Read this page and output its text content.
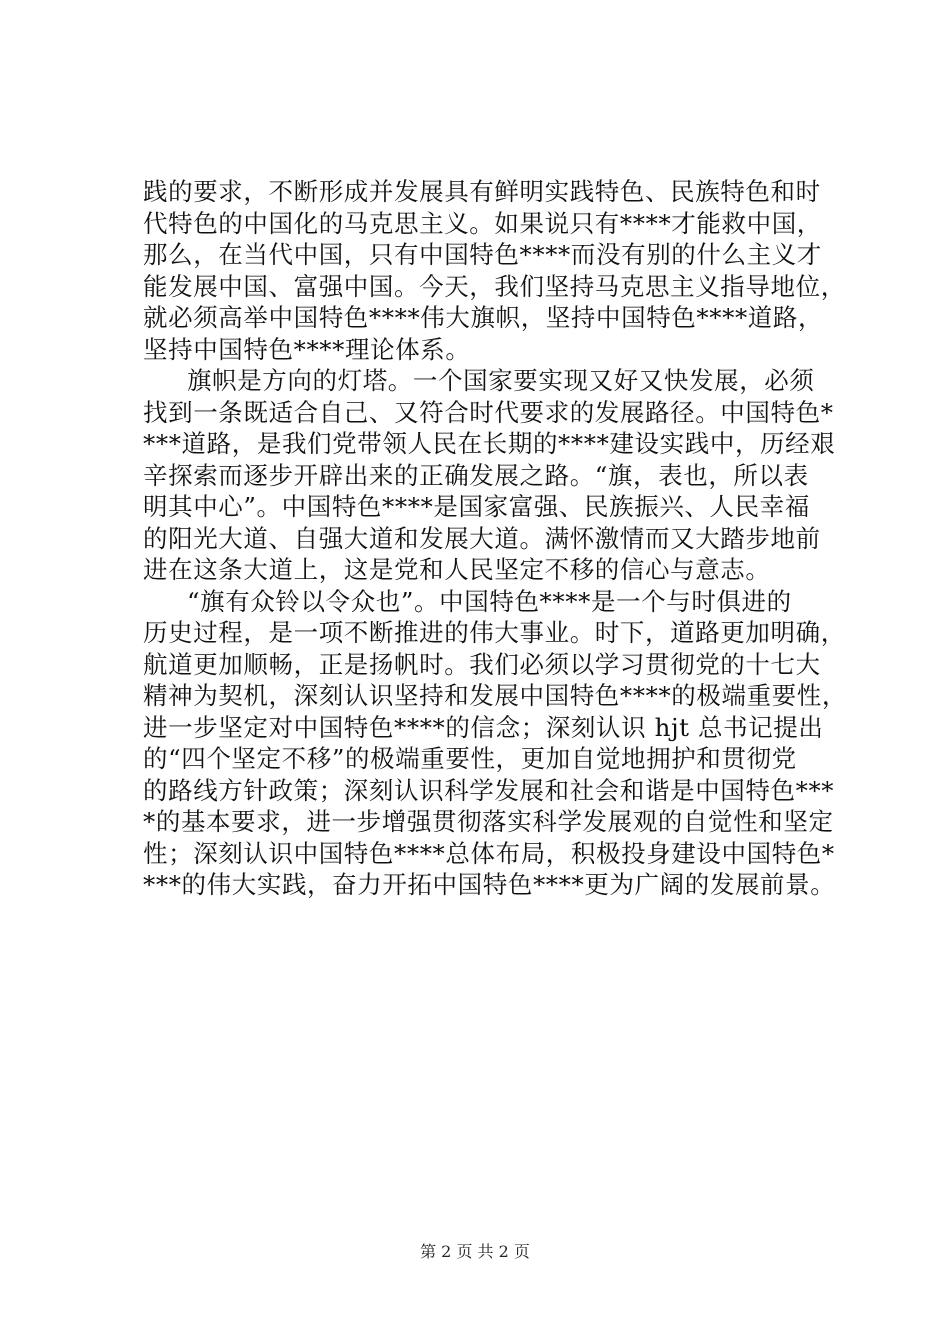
践的要求，不断形成并发展具有鲜明实践特色、民族特色和时
代特色的中国化的马克思主义。如果说只有****才能救中国，
那么，在当代中国，只有中国特色****而没有别的什么主义才
能发展中国、富强中国。今天，我们坚持马克思主义指导地位，
就必须高举中国特色****伟大旗帜，坚持中国特色****道路，
坚持中国特色****理论体系。
旗帜是方向的灯塔。一个国家要实现又好又快发展，必须
找到一条既适合自己、又符合时代要求的发展路径。中国特色*
***道路，是我们党带领人民在长期的****建设实践中，历经艰
辛探索而逐步开辟出来的正确发展之路。“旗，表也，所以表
明其中心”。中国特色****是国家富强、民族振兴、人民幸福
的阳光大道、自强大道和发展大道。满怀激情而又大踏步地前
进在这条大道上，这是党和人民坚定不移的信心与意志。
“旗有众铃以令众也”。中国特色****是一个与时俱进的
历史过程，是一项不断推进的伟大事业。时下，道路更加明确，
航道更加顺畅，正是扬帆时。我们必须以学习贯彻党的十七大
精神为契机，深刻认识坚持和发展中国特色****的极端重要性，
进一步坚定对中国特色****的信念；深刻认识 hjt 总书记提出
的“四个坚定不移”的极端重要性，更加自觉地拥护和贯彻党
的路线方针政策；深刻认识科学发展和社会和谐是中国特色***
*的基本要求，进一步增强贯彻落实科学发展观的自觉性和坚定
性；深刻认识中国特色****总体布局，积极投身建设中国特色*
***的伟大实践，奋力开拓中国特色****更为广阔的发展前景。
第 2 页 共 2 页
